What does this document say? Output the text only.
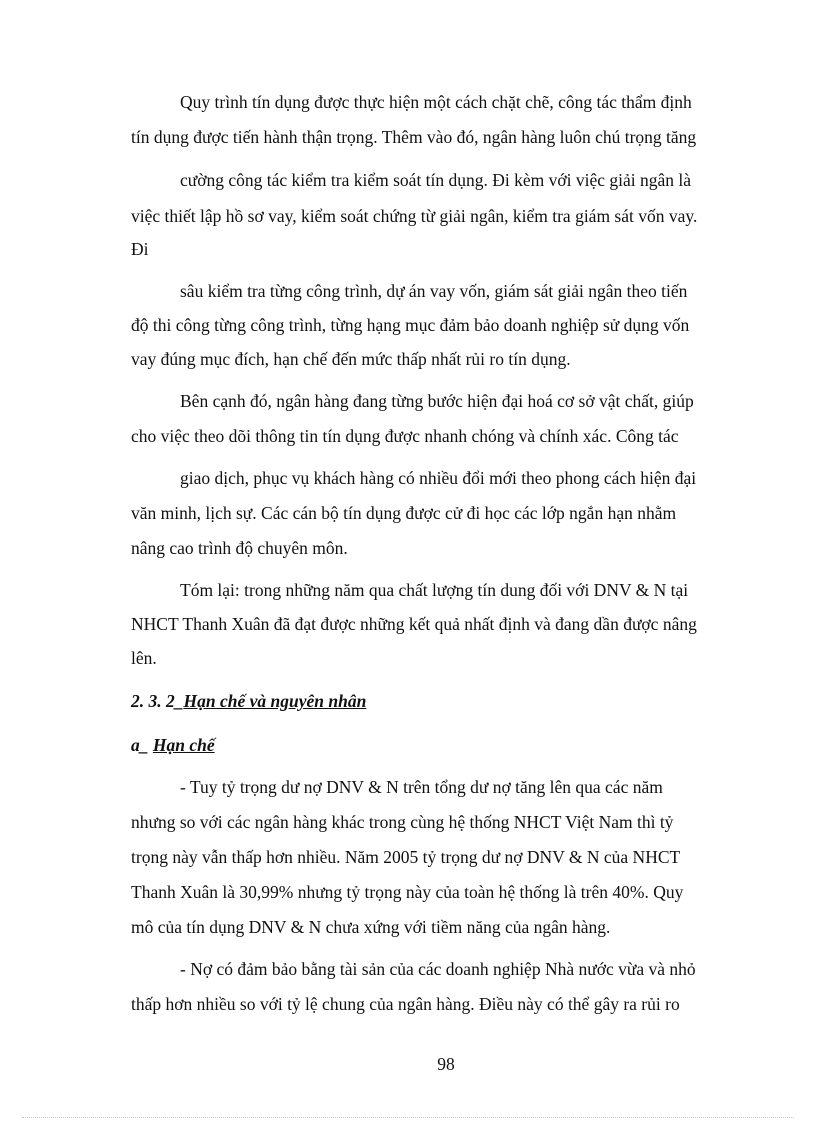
Quy trình tín dụng được thực hiện một cách chặt chẽ, công tác thẩm định

tín dụng được tiến hành thận trọng. Thêm vào đó, ngân hàng luôn chú trọng tăng

cường công tác kiểm tra kiểm soát tín dụng. Đi kèm với việc giải ngân là

việc thiết lập hồ sơ vay, kiểm soát chứng từ giải ngân, kiểm tra giám sát vốn vay.

Đi

sâu kiểm tra từng công trình, dự án vay vốn, giám sát giải ngân theo tiến

độ thi công từng công trình, từng hạng mục đảm bảo doanh nghiệp sử dụng vốn

vay đúng mục đích, hạn chế đến mức thấp nhất rủi ro tín dụng.

Bên cạnh đó, ngân hàng đang từng bước hiện đại hoá cơ sở vật chất, giúp

cho việc theo dõi thông tin tín dụng được nhanh chóng và chính xác. Công tác

giao dịch, phục vụ khách hàng có nhiều đổi mới theo phong cách hiện đại

văn minh, lịch sự. Các cán bộ tín dụng được cử đi học các lớp ngắn hạn nhằm

nâng cao trình độ chuyên môn.

Tóm lại: trong những năm qua chất lượng tín dung đối với DNV & N tại

NHCT Thanh Xuân đã đạt được những kết quả nhất định và đang dần được nâng

lên.

2. 3. 2_Hạn chế và nguyên nhân

a_ Hạn chế

- Tuy tỷ trọng dư nợ DNV & N trên tổng dư nợ tăng lên qua các năm

nhưng so với các ngân hàng khác trong cùng hệ thống NHCT Việt Nam thì tỷ

trọng này vẫn thấp hơn nhiều. Năm 2005 tỷ trọng dư nợ DNV & N của NHCT

Thanh Xuân là 30,99% nhưng tỷ trọng này của toàn hệ thống là trên 40%. Quy

mô của tín dụng DNV & N chưa xứng với tiềm năng của ngân hàng.

- Nợ có đảm bảo bằng tài sản của các doanh nghiệp Nhà nước vừa và nhỏ

thấp hơn nhiều so với tỷ lệ chung của ngân hàng. Điều này có thể gây ra rủi ro

98
